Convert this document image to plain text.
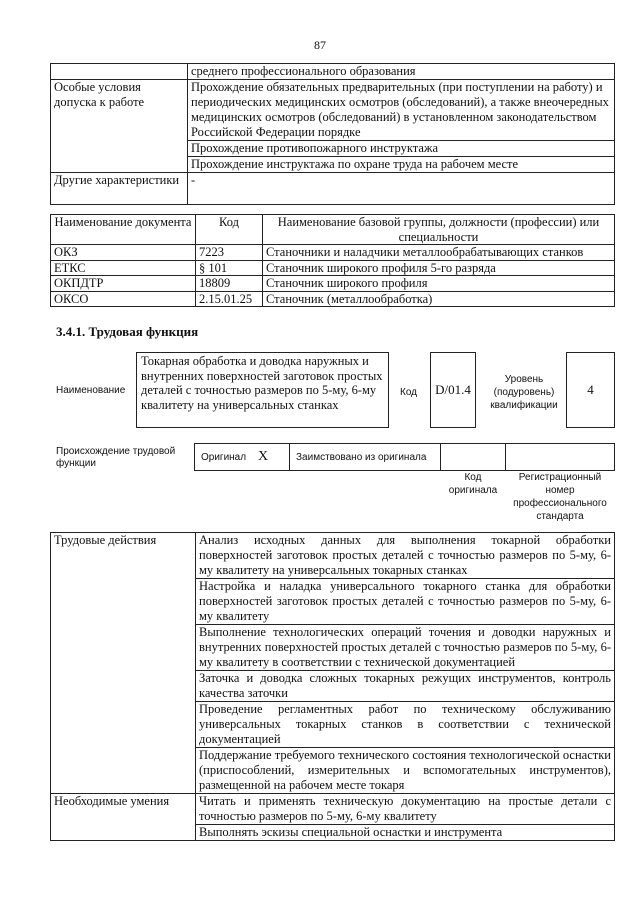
87
	среднего профессионального образования
Особые условия допуска к работе	Прохождение обязательных предварительных (при поступлении на работу) и периодических медицинских осмотров (обследований), а также внеочередных медицинских осмотров (обследований) в установленном законодательством Российской Федерации порядке
	Прохождение противопожарного инструктажа
	Прохождение инструктажа по охране труда на рабочем месте
Другие характеристики	-
Наименование документа	Код	Наименование базовой группы, должности (профессии) или специальности
ОКЗ	7223	Станочники и наладчики металлообрабатывающих станков
ЕТКС	§ 101	Станочник широкого профиля 5-го разряда
ОКПДТР	18809	Станочник широкого профиля
ОКСО	2.15.01.25	Станочник (металлообработка)
3.4.1. Трудовая функция
Наименование
Токарная обработка и доводка наружных и внутренних поверхностей заготовок простых деталей с точностью размеров по 5-му, 6-му квалитету на универсальных станках
Код	D/01.4
Уровень (подуровень) квалификации
4
Происхождение трудовой функции
Оригинал X	Заимствовано из оригинала
Код оригинала
Регистрационный номер профессионального стандарта
Трудовые действия	Анализ исходных данных для выполнения токарной обработки поверхностей заготовок простых деталей с точностью размеров по 5-му, 6-му квалитету на универсальных токарных станках
	Настройка и наладка универсального токарного станка для обработки поверхностей заготовок простых деталей с точностью размеров по 5-му, 6-му квалитету
	Выполнение технологических операций точения и доводки наружных и внутренних поверхностей простых деталей с точностью размеров по 5-му, 6-му квалитету в соответствии с технической документацией
	Заточка и доводка сложных токарных режущих инструментов, контроль качества заточки
	Проведение регламентных работ по техническому обслуживанию универсальных токарных станков в соответствии с технической документацией
	Поддержание требуемого технического состояния технологической оснастки (приспособлений, измерительных и вспомогательных инструментов), размещенной на рабочем месте токаря
Необходимые умения	Читать и применять техническую документацию на простые детали с точностью размеров по 5-му, 6-му квалитету
	Выполнять эскизы специальной оснастки и инструмента
